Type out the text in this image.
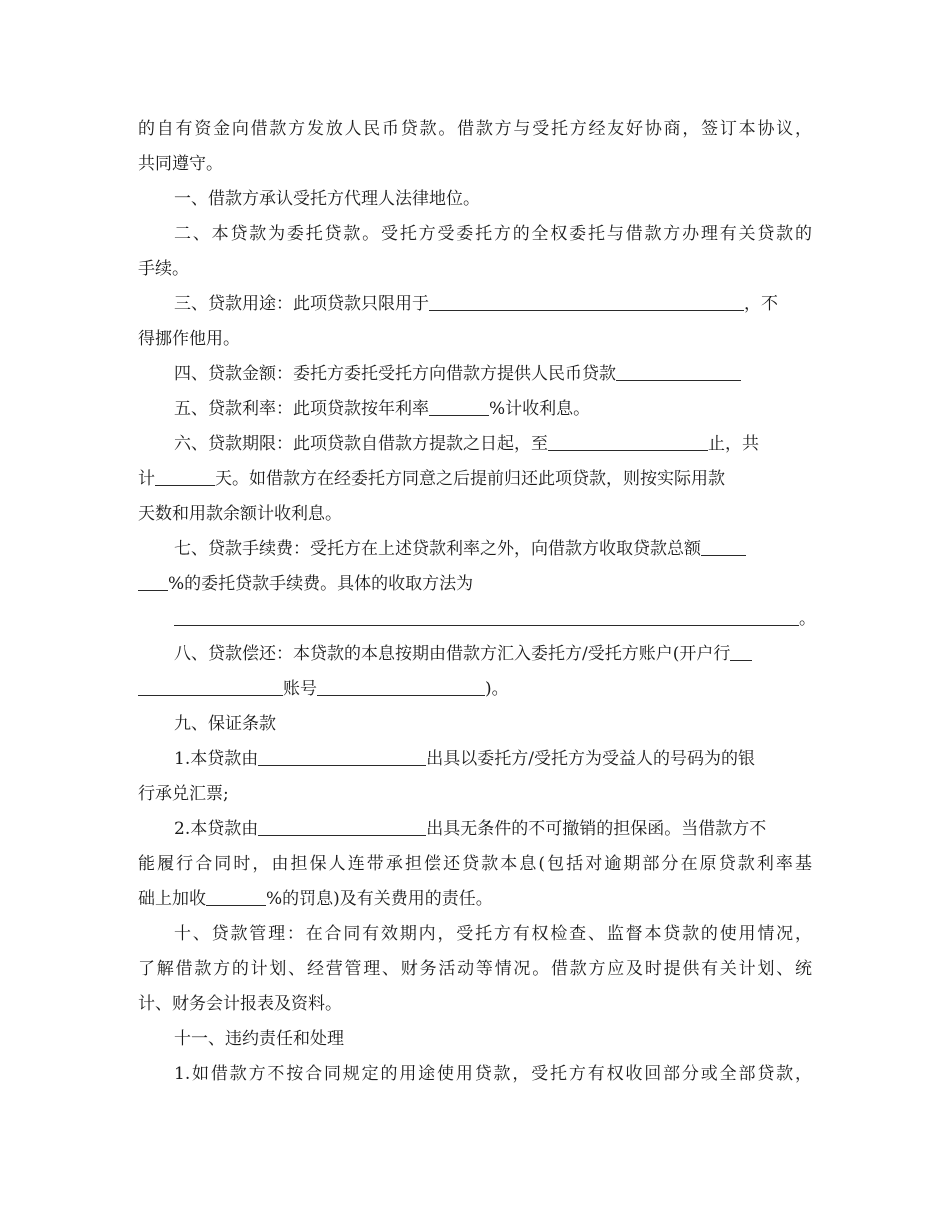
的自有资金向借款方发放人民币贷款。借款方与受托方经友好协商，签订本协议，
共同遵守。
一、借款方承认受托方代理人法律地位。
二、本贷款为委托贷款。受托方受委托方的全权委托与借款方办理有关贷款的
手续。
三、贷款用途：此项贷款只限用于	，不
得挪作他用。
四、贷款金额：委托方委托受托方向借款方提供人民币贷款
五、贷款利率：此项贷款按年利率	%计收利息。
六、贷款期限：此项贷款自借款方提款之日起，至	止，共
计	天。如借款方在经委托方同意之后提前归还此项贷款，则按实际用款
天数和用款余额计收利息。
七、贷款手续费：受托方在上述贷款利率之外，向借款方收取贷款总额
%的委托贷款手续费。具体的收取方法为
。
八、贷款偿还：本贷款的本息按期由借款方汇入委托方/受托方账户(开户行
账号	)。
九、保证条款
1.本贷款由	出具以委托方/受托方为受益人的号码为的银
行承兑汇票;
2.本贷款由	出具无条件的不可撤销的担保函。当借款方不
能履行合同时，由担保人连带承担偿还贷款本息(包括对逾期部分在原贷款利率基
础上加收	%的罚息)及有关费用的责任。
十、贷款管理：在合同有效期内，受托方有权检查、监督本贷款的使用情况，
了解借款方的计划、经营管理、财务活动等情况。借款方应及时提供有关计划、统
计、财务会计报表及资料。
十一、违约责任和处理
1.如借款方不按合同规定的用途使用贷款，受托方有权收回部分或全部贷款，
